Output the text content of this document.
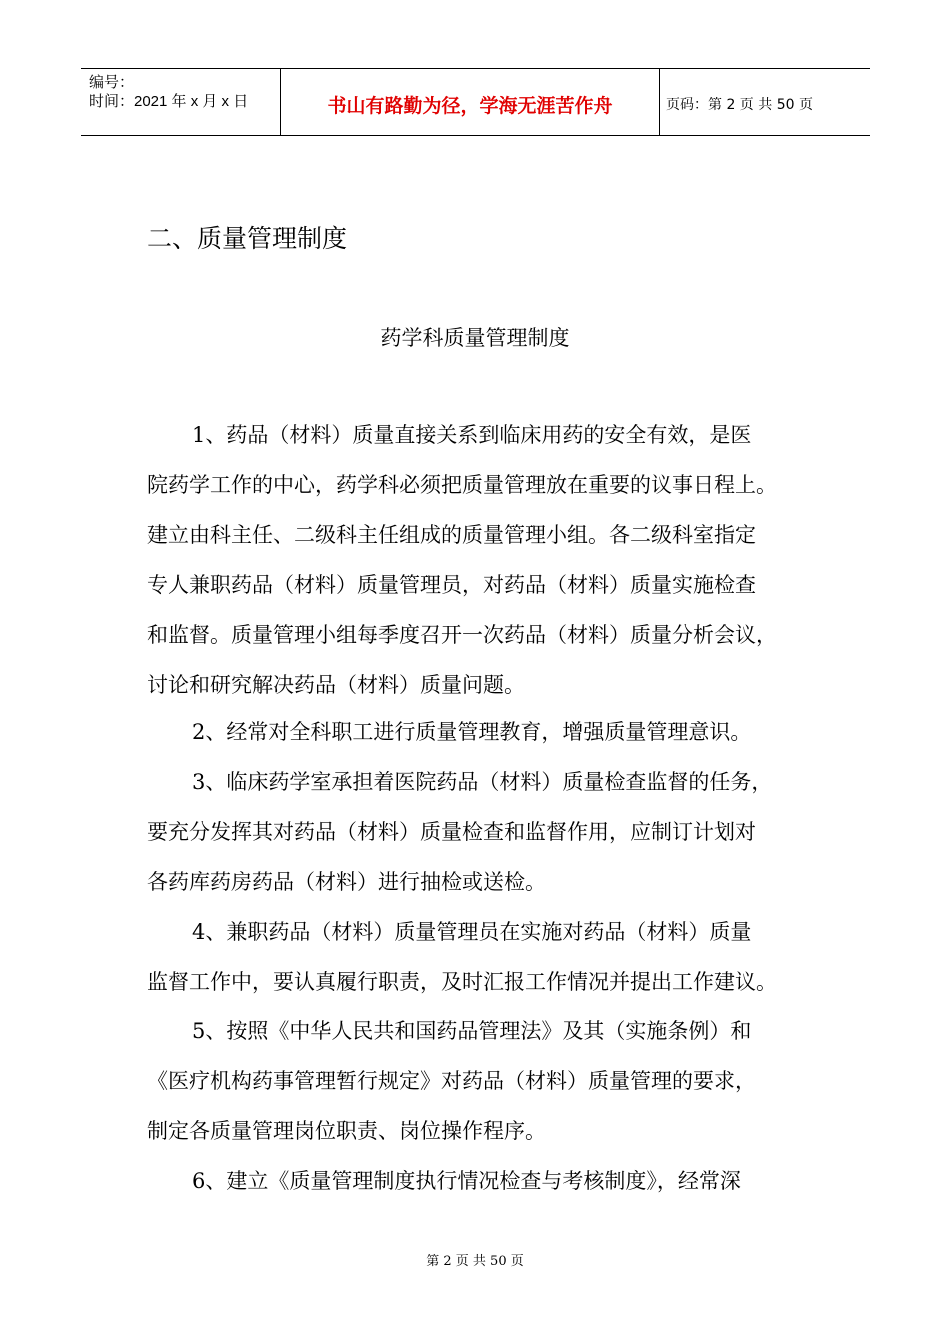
编号：
时间：2021 年 x 月 x 日	书山有路勤为径，学海无涯苦作舟	页码：第 2 页 共 50 页
二、质量管理制度
药学科质量管理制度
1、药品（材料）质量直接关系到临床用药的安全有效，是医
院药学工作的中心，药学科必须把质量管理放在重要的议事日程上。
建立由科主任、二级科主任组成的质量管理小组。各二级科室指定
专人兼职药品（材料）质量管理员，对药品（材料）质量实施检查
和监督。质量管理小组每季度召开一次药品（材料）质量分析会议，
讨论和研究解决药品（材料）质量问题。
2、经常对全科职工进行质量管理教育，增强质量管理意识。
3、临床药学室承担着医院药品（材料）质量检查监督的任务，
要充分发挥其对药品（材料）质量检查和监督作用，应制订计划对
各药库药房药品（材料）进行抽检或送检。
4、兼职药品（材料）质量管理员在实施对药品（材料）质量
监督工作中，要认真履行职责，及时汇报工作情况并提出工作建议。
5、按照《中华人民共和国药品管理法》及其（实施条例）和
《医疗机构药事管理暂行规定》对药品（材料）质量管理的要求，
制定各质量管理岗位职责、岗位操作程序。
6、建立《质量管理制度执行情况检查与考核制度》，经常深
第 2 页 共 50 页
